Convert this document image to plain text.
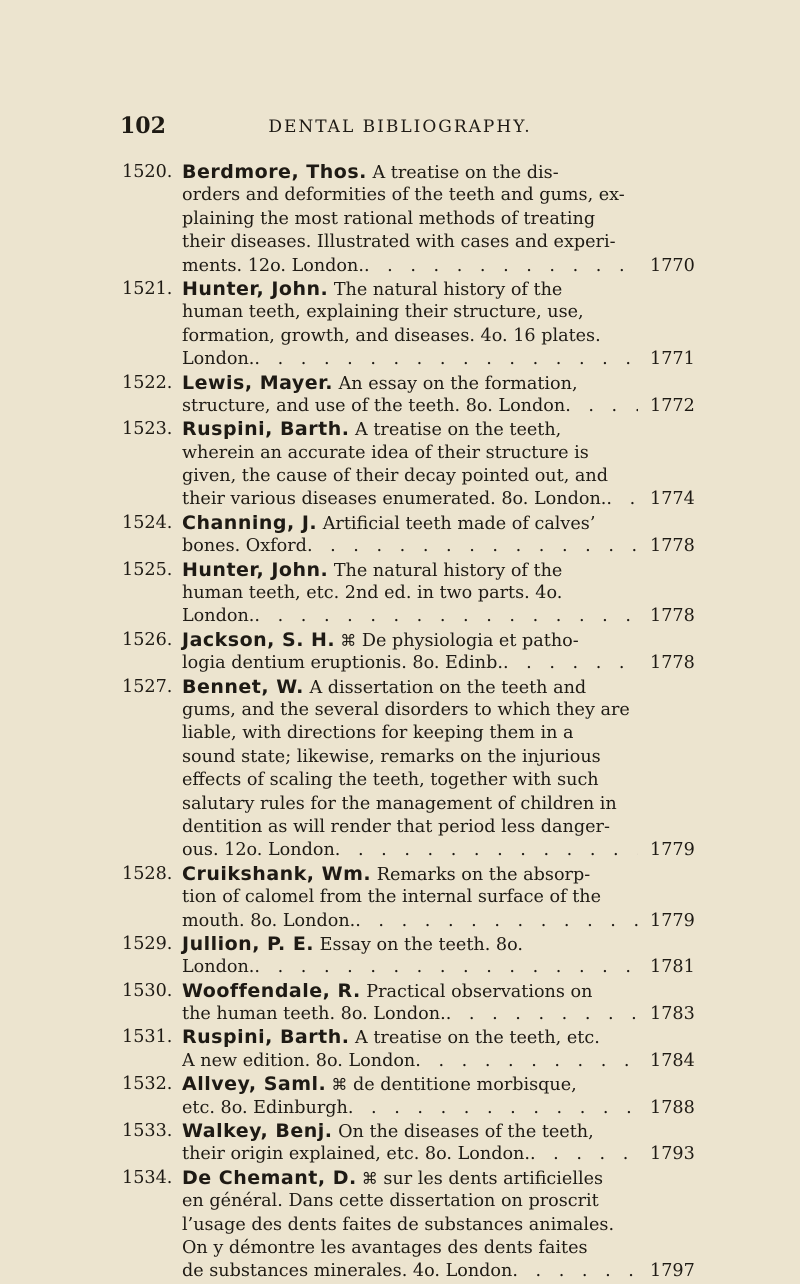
102	DENTAL BIBLIOGRAPHY.
1520. Berdmore, Thos. A treatise on the dis-
orders and deformities of the teeth and gums, ex-
plaining the most rational methods of treating
their diseases. Illustrated with cases and experi-
ments. 12o. London. . . .	1770
1521. Hunter, John. The natural history of the
human teeth, explaining their structure, use,
formation, growth, and diseases. 4o. 16 plates.
London. . . .	1771
1522. Lewis, Mayer. An essay on the formation,
structure, and use of the teeth. 8o. London . . .	1772
1523. Ruspini, Barth. A treatise on the teeth,
wherein an accurate idea of their structure is
given, the cause of their decay pointed out, and
their various diseases enumerated. 8o. London. . . . 1774
1524. Channing, J. Artificial teeth made of calves’
bones. Oxford . . .	1778
1525. Hunter, John. The natural history of the
human teeth, etc. 2nd ed. in two parts. 4o.
London. . . .	1778
1526. Jackson, S. H. ⌘ De physiologia et patho-
logia dentium eruptionis. 8o. Edinb. . . .	1778
1527. Bennet, W. A dissertation on the teeth and
gums, and the several disorders to which they are
liable, with directions for keeping them in a
sound state; likewise, remarks on the injurious
effects of scaling the teeth, together with such
salutary rules for the management of children in
dentition as will render that period less danger-
ous. 12o. London . . .	1779
1528. Cruikshank, Wm. Remarks on the absorp-
tion of calomel from the internal surface of the
mouth. 8o. London. . . .	1779
1529. Jullion, P. E. Essay on the teeth. 8o.
London. . . .	1781
1530. Wooffendale, R. Practical observations on
the human teeth. 8o. London. . . .	1783
1531. Ruspini, Barth. A treatise on the teeth, etc.
A new edition. 8o. London . . .	1784
1532. Allvey, Saml. ⌘ de dentitione morbisque,
etc. 8o. Edinburgh . . .	1788
1533. Walkey, Benj. On the diseases of the teeth,
their origin explained, etc. 8o. London. . . .	1793
1534. De Chemant, D. ⌘ sur les dents artificielles
en général. Dans cette dissertation on proscrit
l’usage des dents faites de substances animales.
On y démontre les avantages des dents faites
de substances minerales. 4o. London . . .	1797
